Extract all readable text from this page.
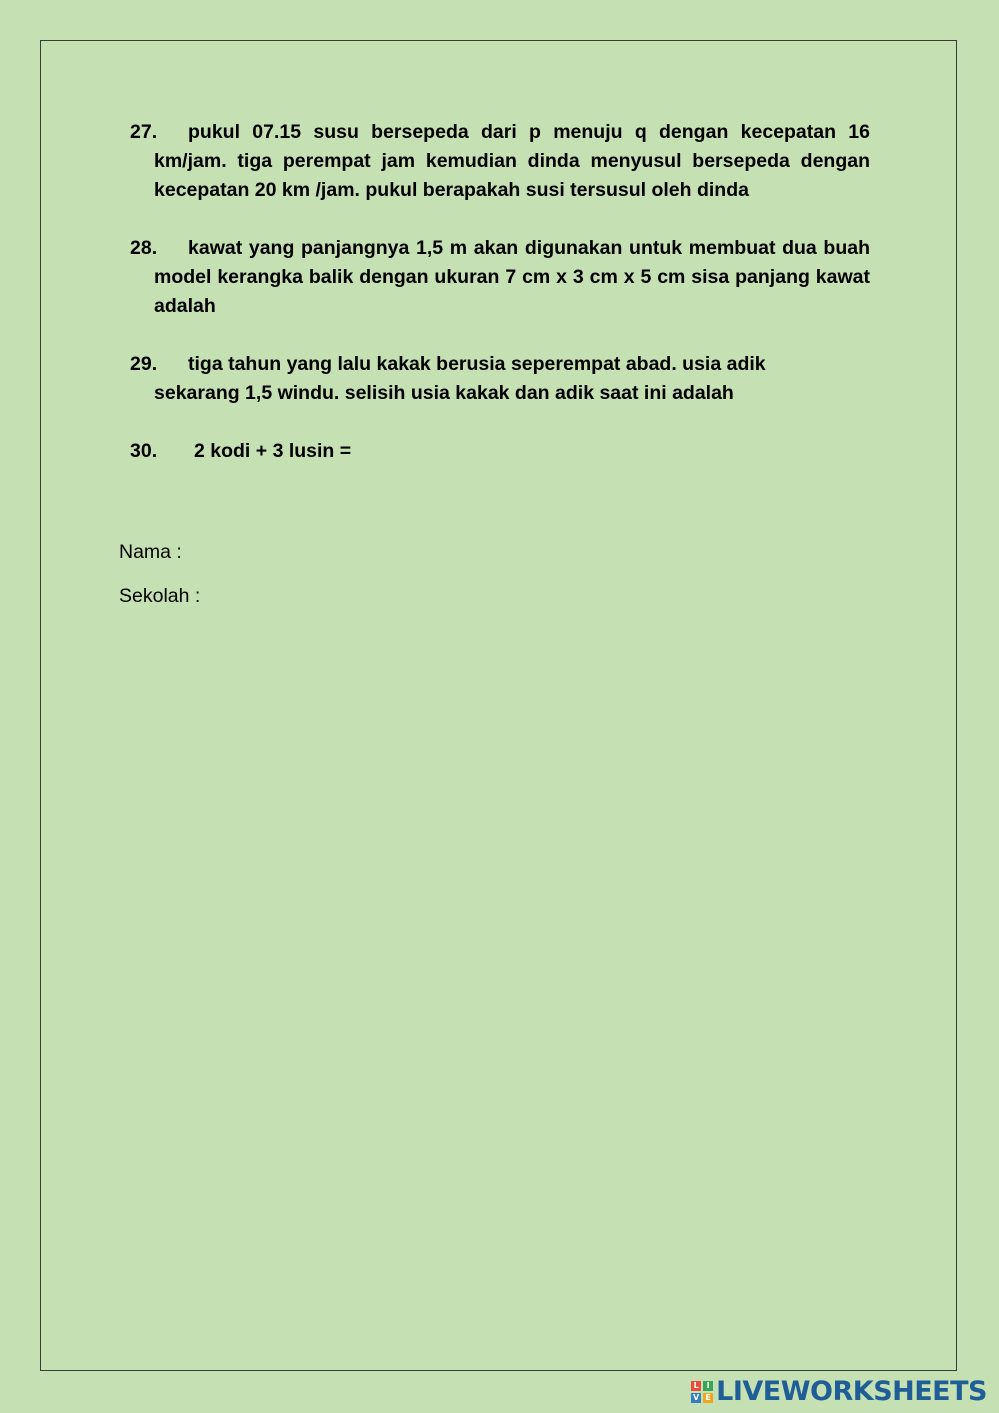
27.	pukul 07.15 susu bersepeda dari p menuju q dengan kecepatan 16 km/jam. tiga perempat jam kemudian dinda menyusul bersepeda dengan kecepatan 20 km /jam. pukul berapakah susi tersusul oleh dinda
28.	kawat yang panjangnya 1,5 m akan digunakan untuk membuat dua buah model kerangka balik dengan ukuran 7 cm x 3 cm x 5 cm sisa panjang kawat adalah
29.	tiga tahun yang lalu kakak berusia seperempat abad. usia adik sekarang 1,5 windu. selisih usia kakak dan adik saat ini adalah
30.	2 kodi + 3 lusin =
Nama :
Sekolah :
L I
V E LIVEWORKSHEETS
